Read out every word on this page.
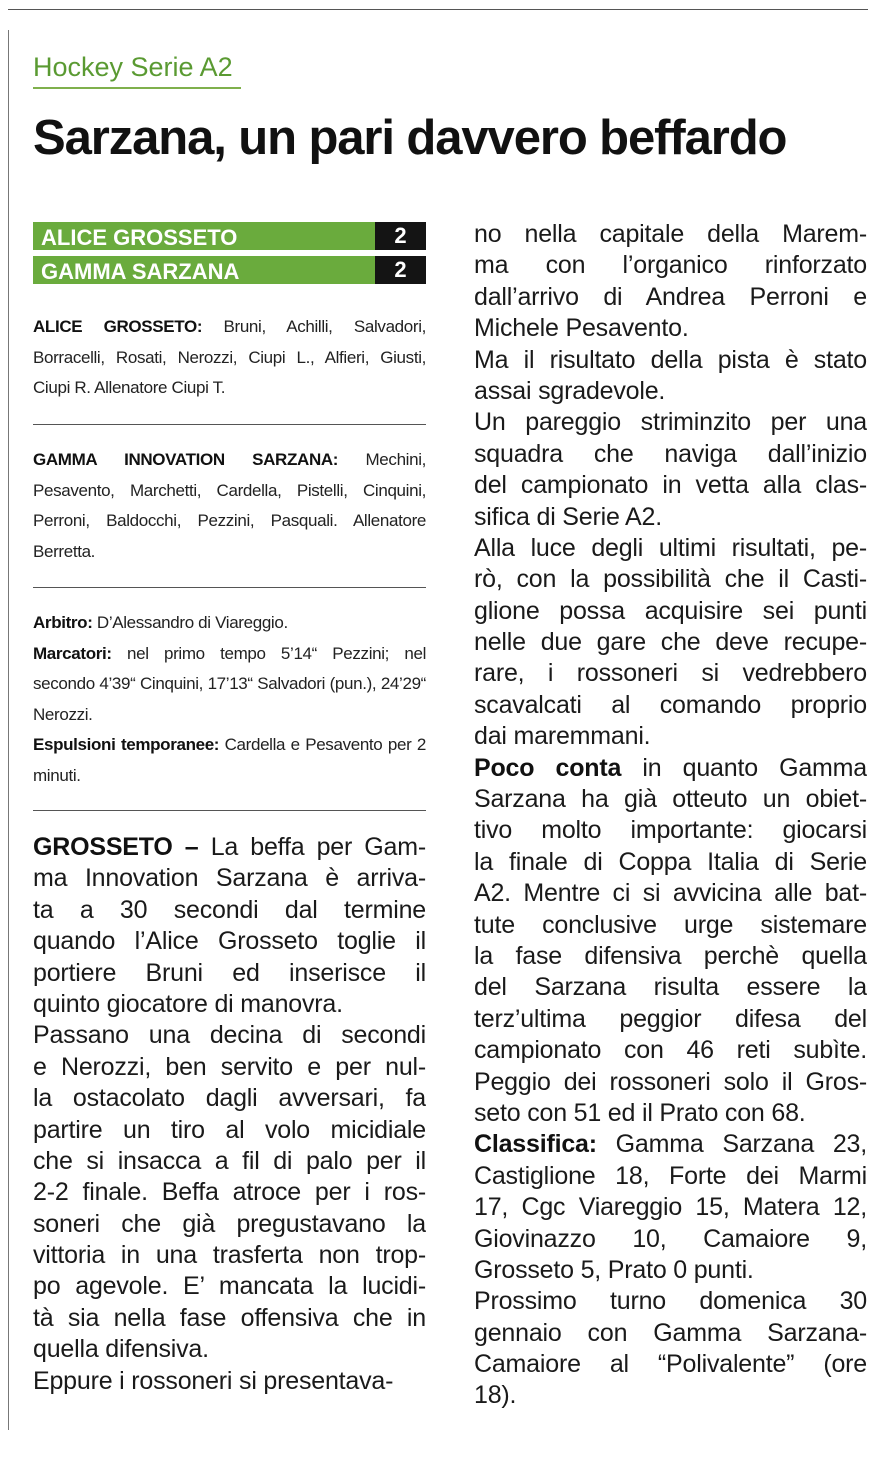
Hockey Serie A2
Sarzana, un pari davvero beffardo
ALICE GROSSETO	2
GAMMA SARZANA	2
ALICE GROSSETO: Bruni, Achilli, Salvadori, Borracelli, Rosati, Nerozzi, Ciupi L., Alfieri, Giusti, Ciupi R. Allenatore Ciupi T.
GAMMA INNOVATION SARZANA: Mechini, Pesavento, Marchetti, Cardella, Pistelli, Cinquini, Perroni, Baldocchi, Pezzini, Pasquali. Allenatore Berretta.
Arbitro: D’Alessandro di Viareggio.
Marcatori: nel primo tempo 5’14“ Pezzini; nel secondo 4’39“ Cinquini, 17’13“ Salvadori (pun.), 24’29“ Nerozzi.
Espulsioni temporanee: Cardella e Pesavento per 2 minuti.
GROSSETO – La beffa per Gam-
ma Innovation Sarzana è arriva-
ta a 30 secondi dal termine
quando l’Alice Grosseto toglie il
portiere Bruni ed inserisce il
quinto giocatore di manovra.
Passano una decina di secondi
e Nerozzi, ben servito e per nul-
la ostacolato dagli avversari, fa
partire un tiro al volo micidiale
che si insacca a fil di palo per il
2-2 finale. Beffa atroce per i ros-
soneri che già pregustavano la
vittoria in una trasferta non trop-
po agevole. E’ mancata la lucidi-
tà sia nella fase offensiva che in
quella difensiva.
Eppure i rossoneri si presentava-
no nella capitale della Marem-
ma con l’organico rinforzato
dall’arrivo di Andrea Perroni e
Michele Pesavento.
Ma il risultato della pista è stato
assai sgradevole.
Un pareggio striminzito per una
squadra che naviga dall’inizio
del campionato in vetta alla clas-
sifica di Serie A2.
Alla luce degli ultimi risultati, pe-
rò, con la possibilità che il Casti-
glione possa acquisire sei punti
nelle due gare che deve recupe-
rare, i rossoneri si vedrebbero
scavalcati al comando proprio
dai maremmani.
Poco conta in quanto Gamma
Sarzana ha già otteuto un obiet-
tivo molto importante: giocarsi
la finale di Coppa Italia di Serie
A2. Mentre ci si avvicina alle bat-
tute conclusive urge sistemare
la fase difensiva perchè quella
del Sarzana risulta essere la
terz’ultima peggior difesa del
campionato con 46 reti subìte.
Peggio dei rossoneri solo il Gros-
seto con 51 ed il Prato con 68.
Classifica: Gamma Sarzana 23,
Castiglione 18, Forte dei Marmi
17, Cgc Viareggio 15, Matera 12,
Giovinazzo 10, Camaiore 9,
Grosseto 5, Prato 0 punti.
Prossimo turno domenica 30
gennaio con Gamma Sarzana-
Camaiore al “Polivalente” (ore
18).
